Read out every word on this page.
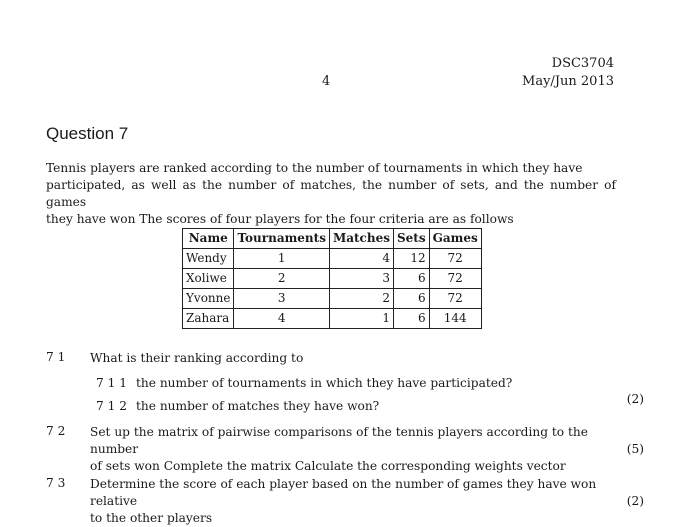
4
DSC3704
May/Jun 2013
Question 7

Tennis players are ranked according to the number of tournaments in which they have

participated, as well as the number of matches, the number of sets, and the number of games

they have won The scores of four players for the four criteria are as follows

Name	Tournaments	Matches	Sets	Games
Wendy	1	4	12	72
Xoliwe	2	3	6	72
Yvonne	3	2	6	72
Zahara	4	1	6	144
7 1 What is their ranking according to
7 1 1 the number of tournaments in which they have participated?
7 1 2 the number of matches they have won?	(2)
7 2 Set up the matrix of pairwise comparisons of the tennis players according to the number
of sets won Complete the matrix Calculate the corresponding weights vector
(5)
7 3 Determine the score of each player based on the number of games they have won relative
to the other players
(2)
